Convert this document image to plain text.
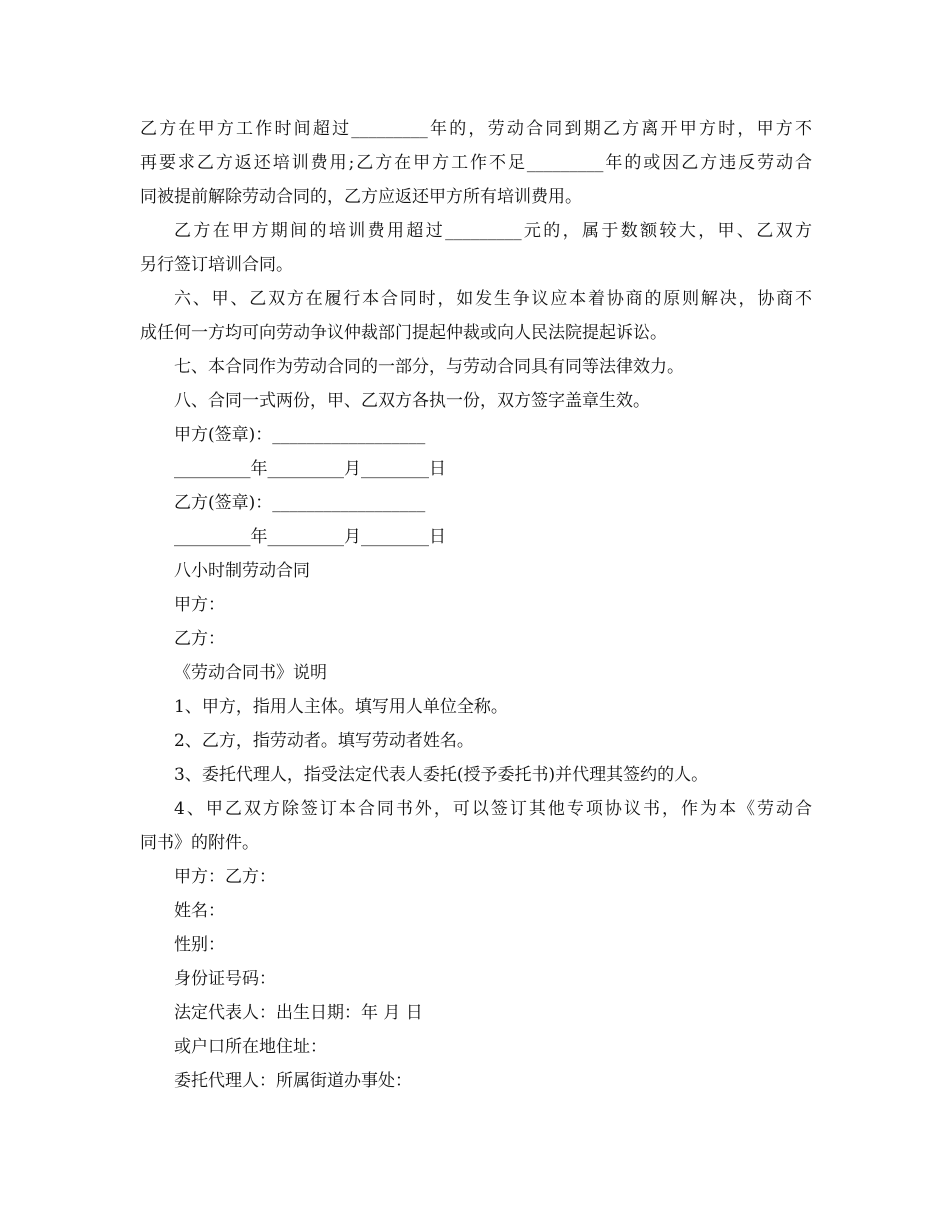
乙方在甲方工作时间超过_________年的，劳动合同到期乙方离开甲方时，甲方不
再要求乙方返还培训费用;乙方在甲方工作不足_________年的或因乙方违反劳动合
同被提前解除劳动合同的，乙方应返还甲方所有培训费用。
乙方在甲方期间的培训费用超过_________元的，属于数额较大，甲、乙双方
另行签订培训合同。
六、甲、乙双方在履行本合同时，如发生争议应本着协商的原则解决，协商不
成任何一方均可向劳动争议仲裁部门提起仲裁或向人民法院提起诉讼。
七、本合同作为劳动合同的一部分，与劳动合同具有同等法律效力。
八、合同一式两份，甲、乙双方各执一份，双方签字盖章生效。
甲方(签章)：__________________
_________年_________月________日
乙方(签章)：__________________
_________年_________月________日
八小时制劳动合同
甲方：
乙方：
《劳动合同书》说明
1、甲方，指用人主体。填写用人单位全称。
2、乙方，指劳动者。填写劳动者姓名。
3、委托代理人，指受法定代表人委托(授予委托书)并代理其签约的人。
4、甲乙双方除签订本合同书外，可以签订其他专项协议书，作为本《劳动合
同书》的附件。
甲方：乙方：
姓名：
性别：
身份证号码：
法定代表人：出生日期：年 月 日
或户口所在地住址：
委托代理人：所属街道办事处：
